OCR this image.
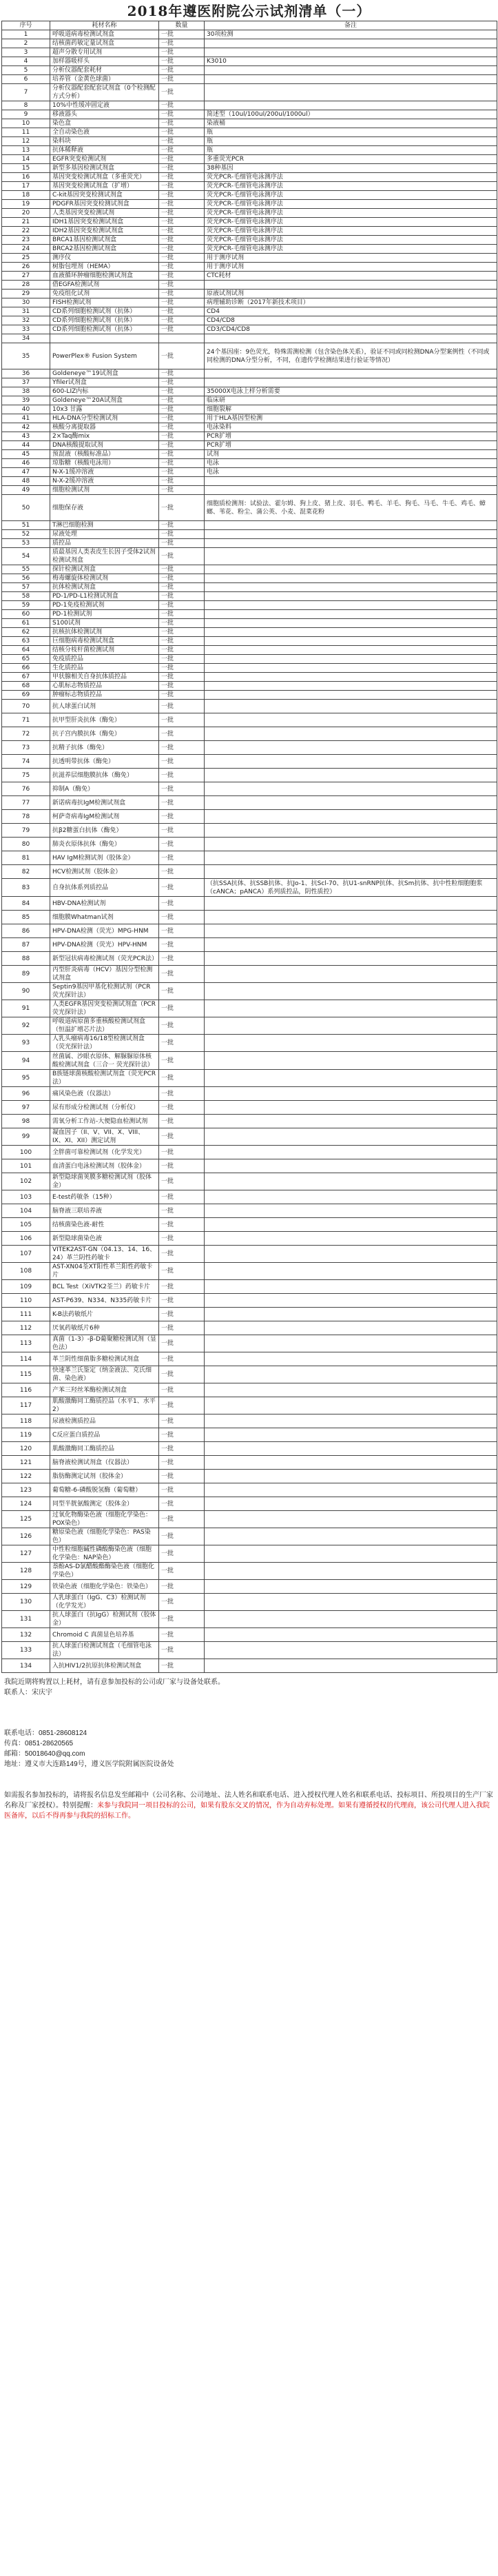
2018年遵医附院公示试剂清单（一）
序号	耗材名称	数量	备注
1	呼吸道病毒检测试剂盒	一批	30项检测
2	结核菌药敏定量试剂盒	一批	
3	超声分散专用试剂	一批	
4	加样器吸样头	一批	K3010
5	分析仪器配套耗材	一批	
6	培养管（金黄色球菌）	一批	
7	分析仪器配套配套试剂盒（0个检测配方式分析）	一批	
8	10%中性缓冲固定液	一批	
9	移液器头	一批	简述型（10ul/100ul/200ul/1000ul）
10	染色盒	一批	染液桶
11	全自动染色液	一批	瓶
12	染料块	一批	瓶
13	抗体稀释液	一批	瓶
14	EGFR突变检测试剂	一批	多重荧光PCR
15	新型多基因检测试剂盒	一批	38种基因
16	基因突变检测试剂盒（多重荧光）	一批	荧光PCR-毛细管电泳测序法
17	基因突变检测试剂盒（扩增）	一批	荧光PCR-毛细管电泳测序法
18	C-kit基因突变检测试剂盒	一批	荧光PCR-毛细管电泳测序法
19	PDGFR基因突变检测试剂盒	一批	荧光PCR-毛细管电泳测序法
20	人类基因突变检测试剂	一批	荧光PCR-毛细管电泳测序法
21	IDH1基因突变检测试剂盒	一批	荧光PCR-毛细管电泳测序法
22	IDH2基因突变检测试剂盒	一批	荧光PCR-毛细管电泳测序法
23	BRCA1基因检测试剂盒	一批	荧光PCR-毛细管电泳测序法
24	BRCA2基因检测试剂盒	一批	荧光PCR-毛细管电泳测序法
25	测序仪	一批	用于测序试剂
26	树脂包埋剂（HEMA）	一批	用于测序试剂
27	血液循环肿瘤细胞检测试剂盒	一批	CTC耗材
28	借EGFA检测试剂	一批	
29	免疫组化试剂	一批	原液试剂试剂
30	FISH检测试剂	一批	病理辅助诊断（2017年新技术项目）
31	CD系列细胞检测试剂（抗体）	一批	CD4
32	CD系列细胞检测试剂（抗体）	一批	CD4/CD8
33	CD系列细胞检测试剂（抗体）	一批	CD3/CD4/CD8
34			
35	PowerPlex® Fusion System	一批	24个基因座：9色荧光，特殊需测检测（包含染色体关系），验证不同或同检测DNA分型案例性（不同或同检测的DNA分型分析，不同，在遗传学检测结果进行验证等情况）
36	Goldeneye™19试剂盒	一批	
37	Yfiler试剂盒	一批	
38	600-LIZ内标	一批	35000X电泳上样分析需要
39	Goldeneye™20A试剂盒	一批	临床研
40	10x3 甘露	一批	细胞裂解
41	HLA-DNA分型检测试剂	一批	用于HLA基因型检测
42	核酸分离提取器	一批	电泳染料
43	2×Taq酶mix	一批	PCR扩增
44	DNA核酸提取试剂	一批	PCR扩增
45	预混液（核酸标准品）	一批	试剂
46	琼脂糖（核酸电泳用）	一批	电泳
47	N-X-1缓冲溶液	一批	电泳
48	N-X-2缓冲溶液	一批	
49	细胞检测试剂	一批	
50	细胞保存液	一批	细胞质检测剂：试验法、霍尔姆、狗上皮、猪上皮、羽毛、鸭毛、羊毛、狗毛、马毛、牛毛、鸡毛、蟑螂、苇花、粉尘、蒲公英、小麦、混菜花粉
51	T淋巴细胞检测	一批	
52	尿液处理	一批	
53	质控品	一批	
54	质最基因人类表皮生长因子受体2试剂检测试剂盒	一批	
55	探针检测试剂盒	一批	
56	梅毒螺旋体检测试剂	一批	
57	抗体检测试剂盒	一批	
58	PD-1/PD-L1检测试剂盒	一批	
59	PD-1免疫检测试剂	一批	
60	PD-1检测试剂	一批	
61	S100试剂	一批	
62	抗核抗体检测试剂	一批	
63	巨细胞病毒检测试剂盒	一批	
64	结核分枝杆菌检测试剂	一批	
65	免疫质控品	一批	
66	生化质控品	一批	
67	甲状腺相关自身抗体质控品	一批	
68	心肌标志物质控品	一批	
69	肿瘤标志物质控品	一批	
70	抗人球蛋白试剂	一批	
71	抗甲型肝炎抗体（酶免）	一批	
72	抗子宫内膜抗体（酶免）	一批	
73	抗精子抗体（酶免）	一批	
74	抗透明带抗体（酶免）	一批	
75	抗滋养层细胞膜抗体（酶免）	一批	
76	抑制A（酶免）	一批	
77	新诺病毒抗IgM检测试剂盒	一批	
78	柯萨奇病毒IgM检测试剂	一批	
79	抗β2糖蛋白抗体（酶免）	一批	
80	肺炎衣原体抗体（酶免）	一批	
81	HAV IgM检测试剂（胶体金）	一批	
82	HCV检测试剂（胶体金）	一批	
83	自身抗体系列质控品	一批	（抗SSA抗体、抗SSB抗体、抗Jo-1、抗Scl-70、抗U1-snRNP抗体、抗Sm抗体、抗中性粒细胞胞浆（cANCA；pANCA）系列质控品，阴性质控）
84	HBV-DNA检测试剂	一批	
85	细胞膜Whatman试剂	一批	
86	HPV-DNA检测（荧光）MPG-HNM	一批	
87	HPV-DNA检测（荧光）HPV-HNM	一批	
88	新型冠状病毒检测试剂（荧光PCR法）	一批	
89	丙型肝炎病毒（HCV）基因分型检测试剂盒	一批	
90	Septin9基因甲基化检测试剂（PCR荧光探针法）	一批	
91	人类EGFR基因突变检测试剂盒（PCR荧光探针法）	一批	
92	呼吸道病原菌多重核酸检测试剂盒（恒温扩增芯片法）	一批	
93	人乳头瘤病毒16/18型检测试剂盒（荧光探针法）	一批	
94	丝菌属、沙眼衣原体、解脲脲原体核酸检测试剂盒（三合一 荧光探针法）	一批	
95	B族链球菌核酸检测试剂盒（荧光PCR法）	一批	
96	痛风染色液（仪器法）	一批	
97	尿有形成分检测试剂（分析仪）	一批	
98	需氧分析工作站-大便隐血检测试剂	一批	
99	凝血因子（II、V、VII、X、VIII、IX、XI、XII）测定试剂	一批	
100	全胖菌可靠检测试剂（化学发光）	一批	
101	血清蛋白电泳检测试剂（胶体金）	一批	
102	新型隐球菌荚膜多糖检测试剂（胶体金）	一批	
103	E-test药敏条（15种）	一批	
104	脑脊液三联培养液	一批	
105	结核菌染色液-耐性	一批	
106	新型隐球菌染色液	一批	
107	VITEK2AST-GN（04.13、14、16、24）革兰阴性药敏卡	一批	
108	AST-XN04荃XT阳性革兰阳性药敏卡片	一批	
109	BCL Test（XiVTK2荃兰）药敏卡片	一批	
110	AST-P639、N334、N335药敏卡片	一批	
111	K-B法药敏纸片	一批	
112	厌氧药敏纸片6种	一批	
113	真菌（1-3）-β-D葡聚糖检测试剂（显色法）	一批	
114	革兰阴性细菌脂多糖检测试剂盒	一批	
115	快速革兰氏鉴定（纳金液法、克氏细菌、染色液）	一批	
116	产苯三羟丝苯酶检测试剂盒	一批	
117	肌酸激酶同工酶质控品（水平1、水平2）	一批	
118	尿液检测质控品	一批	
119	C反应蛋白质控品	一批	
120	肌酸激酶同工酶质控品	一批	
121	脑脊液检测试剂盒（仪器法）	一批	
122	脂肪酶测定试剂（胶体金）	一批	
123	葡萄糖-6-磷酸脱氢酶（葡萄糖）	一批	
124	同型半胱氨酸测定（胶体金）	一批	
125	过氧化物酶染色液（细胞化学染色：POX染色）	一批	
126	糖原染色液（细胞化学染色：PAS染色）	一批	
127	中性粒细胞碱性磷酸酶染色液（细胞化学染色：NAP染色）	一批	
128	萘酚AS-D氯醋酸酯酶染色液（细胞化学染色）	一批	
129	铁染色液（细胞化学染色：铁染色）	一批	
130	人乳球蛋白（IgG、C3）检测试剂（化学发光）	一批	
131	抗人球蛋白（抗IgG）检测试剂（胶体金）	一批	
132	Chromoid C 真菌显色培养基	一批	
133	抗人球蛋白检测试剂盒（毛细管电泳法）	一批	
134	入抗HIV1/2抗原抗体检测试剂盒	一批	

我院近期将购置以上耗材，请有意参加投标的公司或厂家与设备处联系。

联系人：宋庆宇

联系电话：0851-28608124

传真：0851-28620565

邮箱：50018640@qq.com

地址：遵义市大连路149号，遵义医学院附属医院设备处

如需报名参加投标的，请将报名信息发至邮箱中（公司名称、公司地址、法人姓名和联系电话、进入授权代理人姓名和联系电话、投标项目、所投项目的生产厂家名称及厂家授权）。特别提醒：来参与我院同一项目投标的公司，如果有股东交叉的情况，作为自动弃标处理。如果有遵循授权的代理商，该公司代理人进入我院医备库，以后不得再参与我院的招标工作。
